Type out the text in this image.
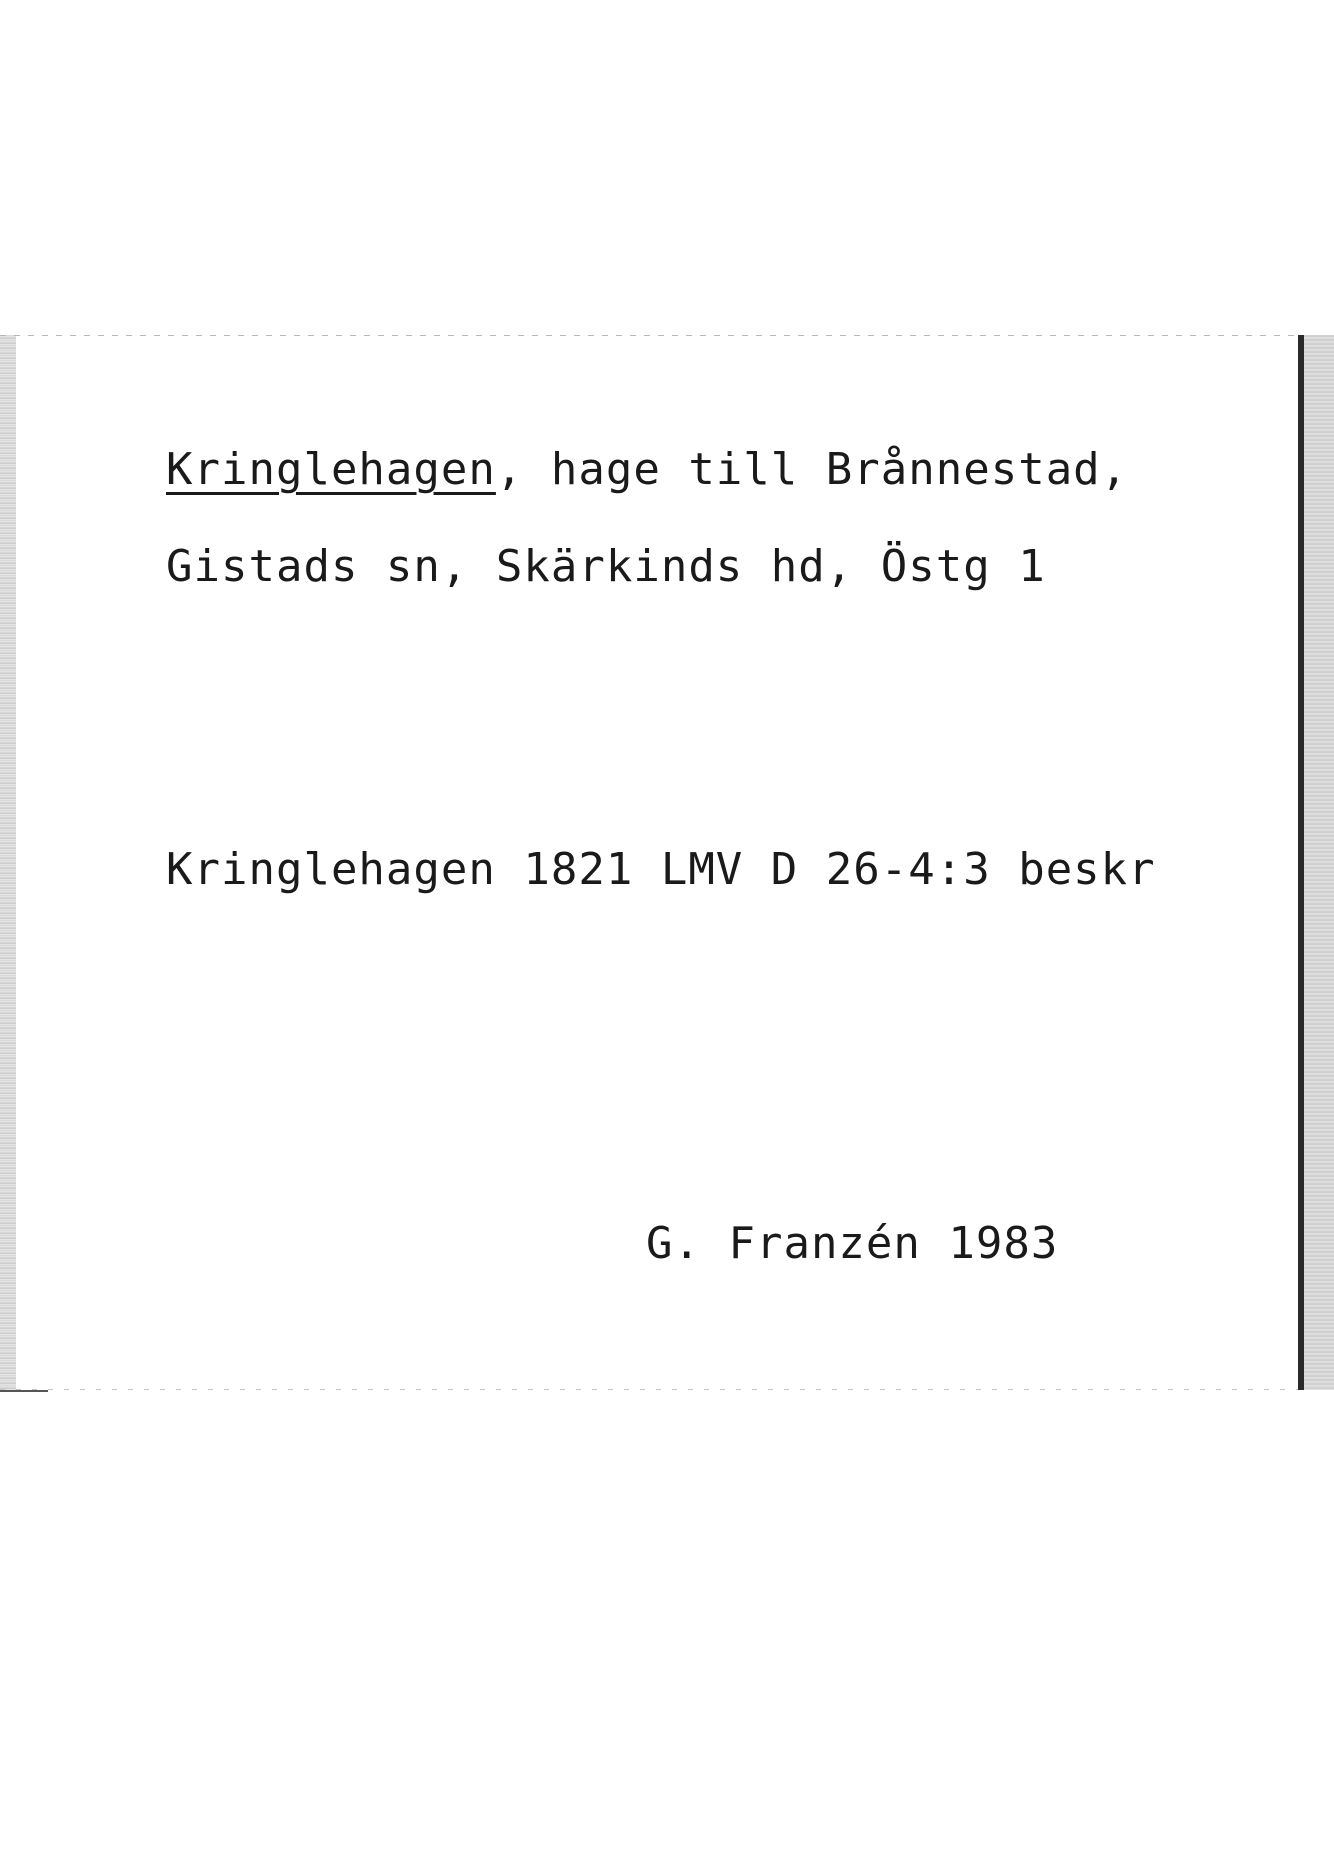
Kringlehagen, hage till Brånnestad,
Gistads sn, Skärkinds hd, Östg 1
Kringlehagen 1821 LMV D 26-4:3 beskr
G. Franzén 1983
